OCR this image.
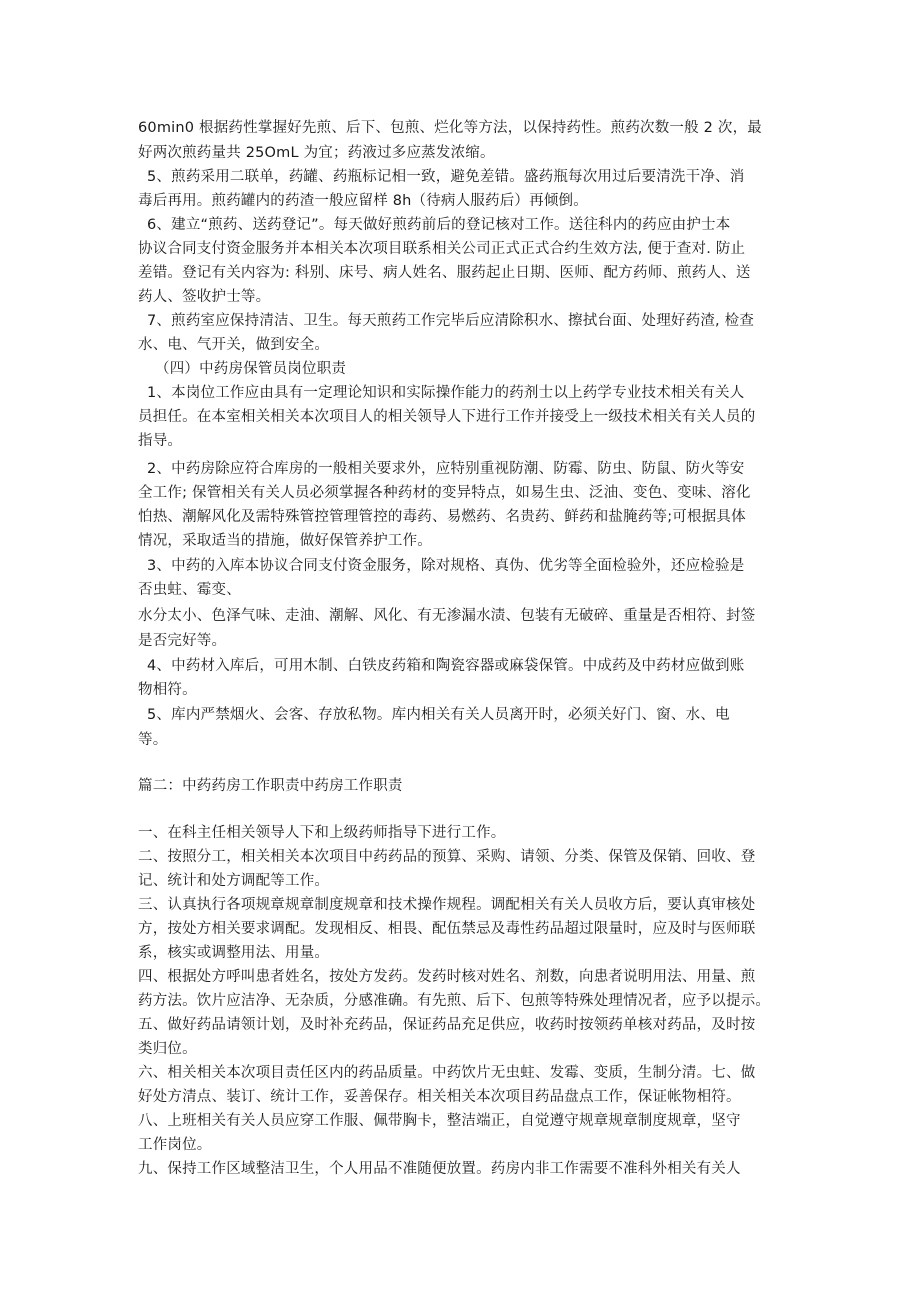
60min0 根据药性掌握好先煎、后下、包煎、烂化等方法，以保持药性。煎药次数一般 2 次，最
好两次煎药量共 25OmL 为宜；药液过多应蒸发浓缩。
5、煎药采用二联单，药罐、药瓶标记相一致，避免差错。盛药瓶每次用过后要清洗干净、消
毒后再用。煎药罐内的药渣一般应留样 8h（待病人服药后）再倾倒。
6、建立“煎药、送药登记”。每天做好煎药前后的登记核对工作。送往科内的药应由护士本
协议合同支付资金服务并本相关本次项目联系相关公司正式正式合约生效方法, 便于查对. 防止
差错。登记有关内容为: 科别、床号、病人姓名、服药起止日期、医师、配方药师、煎药人、送
药人、签收护士等。
7、煎药室应保持清洁、卫生。每天煎药工作完毕后应清除积水、擦拭台面、处理好药渣, 检查
水、电、气开关，做到安全。
（四）中药房保管员岗位职责
1、本岗位工作应由具有一定理论知识和实际操作能力的药剂士以上药学专业技术相关有关人
员担任。在本室相关相关本次项目人的相关领导人下进行工作并接受上一级技术相关有关人员的
指导。
2、中药房除应符合库房的一般相关要求外，应特别重视防潮、防霉、防虫、防鼠、防火等安
全工作; 保管相关有关人员必须掌握各种药材的变异特点，如易生虫、泛油、变色、变味、溶化
怕热、潮解风化及需特殊管控管理管控的毒药、易燃药、名贵药、鲜药和盐腌药等;可根据具体
情况，采取适当的措施，做好保管养护工作。
3、中药的入库本协议合同支付资金服务，除对规格、真伪、优劣等全面检验外，还应检验是
否虫蛀、霉变、
水分太小、色泽气味、走油、潮解、风化、有无渗漏水渍、包装有无破碎、重量是否相符、封签
是否完好等。
4、中药材入库后，可用木制、白铁皮药箱和陶瓷容器或麻袋保管。中成药及中药材应做到账
物相符。
5、库内严禁烟火、会客、存放私物。库内相关有关人员离开时，必须关好门、窗、水、电
等。
篇二：中药药房工作职责中药房工作职责
一、在科主任相关领导人下和上级药师指导下进行工作。
二、按照分工，相关相关本次项目中药药品的预算、采购、请领、分类、保管及保销、回收、登
记、统计和处方调配等工作。
三、认真执行各项规章规章制度规章和技术操作规程。调配相关有关人员收方后，要认真审核处
方，按处方相关要求调配。发现相反、相畏、配伍禁忌及毒性药品超过限量时，应及时与医师联
系，核实或调整用法、用量。
四、根据处方呼叫患者姓名，按处方发药。发药时核对姓名、剂数，向患者说明用法、用量、煎
药方法。饮片应洁净、无杂质，分感准确。有先煎、后下、包煎等特殊处理情况者，应予以提示。
五、做好药品请领计划，及时补充药品，保证药品充足供应，收药时按领药单核对药品，及时按
类归位。
六、相关相关本次项目责任区内的药品质量。中药饮片无虫蛀、发霉、变质，生制分清。七、做
好处方清点、装订、统计工作，妥善保存。相关相关本次项目药品盘点工作，保证帐物相符。
八、上班相关有关人员应穿工作服、佩带胸卡，整洁端正，自觉遵守规章规章制度规章，坚守
工作岗位。
九、保持工作区域整洁卫生，个人用品不准随便放置。药房内非工作需要不准科外相关有关人
